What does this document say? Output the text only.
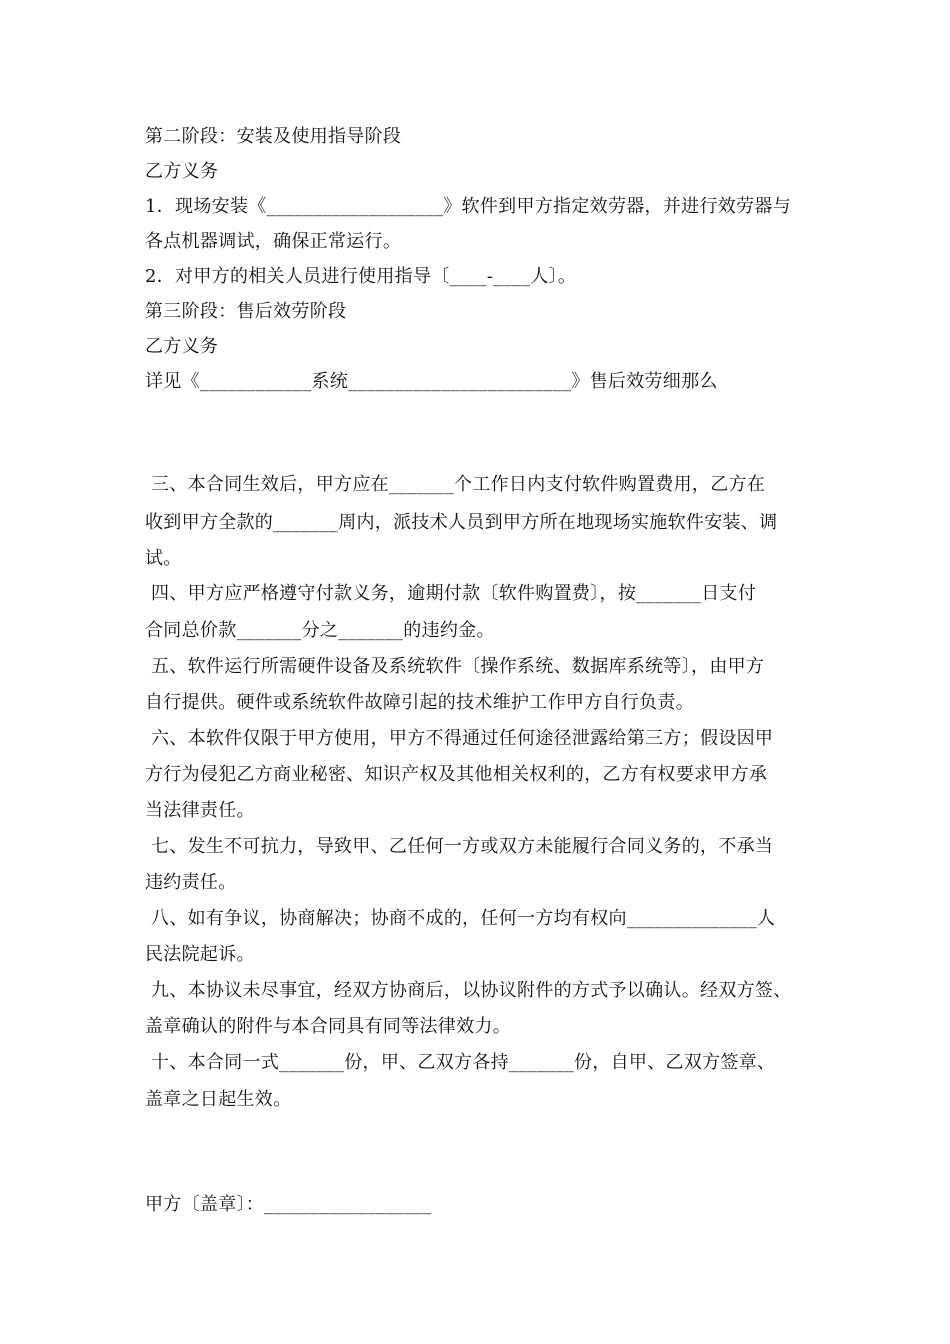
第二阶段：安装及使用指导阶段
乙方义务
1．现场安装《___________________》软件到甲方指定效劳器，并进行效劳器与
各点机器调试，确保正常运行。
2．对甲方的相关人员进行使用指导〔____-____人〕。
第三阶段：售后效劳阶段
乙方义务
详见《____________系统________________________》售后效劳细那么
三、本合同生效后，甲方应在_______个工作日内支付软件购置费用，乙方在
收到甲方全款的_______周内，派技术人员到甲方所在地现场实施软件安装、调
试。
四、甲方应严格遵守付款义务，逾期付款〔软件购置费〕，按_______日支付
合同总价款_______分之_______的违约金。
五、软件运行所需硬件设备及系统软件〔操作系统、数据库系统等〕，由甲方
自行提供。硬件或系统软件故障引起的技术维护工作甲方自行负责。
六、本软件仅限于甲方使用，甲方不得通过任何途径泄露给第三方；假设因甲
方行为侵犯乙方商业秘密、知识产权及其他相关权利的，乙方有权要求甲方承
当法律责任。
七、发生不可抗力，导致甲、乙任何一方或双方未能履行合同义务的，不承当
违约责任。
八、如有争议，协商解决；协商不成的，任何一方均有权向______________人
民法院起诉。
九、本协议未尽事宜，经双方协商后，以协议附件的方式予以确认。经双方签、
盖章确认的附件与本合同具有同等法律效力。
十、本合同一式_______份，甲、乙双方各持_______份，自甲、乙双方签章、
盖章之日起生效。
甲方〔盖章〕：__________________
